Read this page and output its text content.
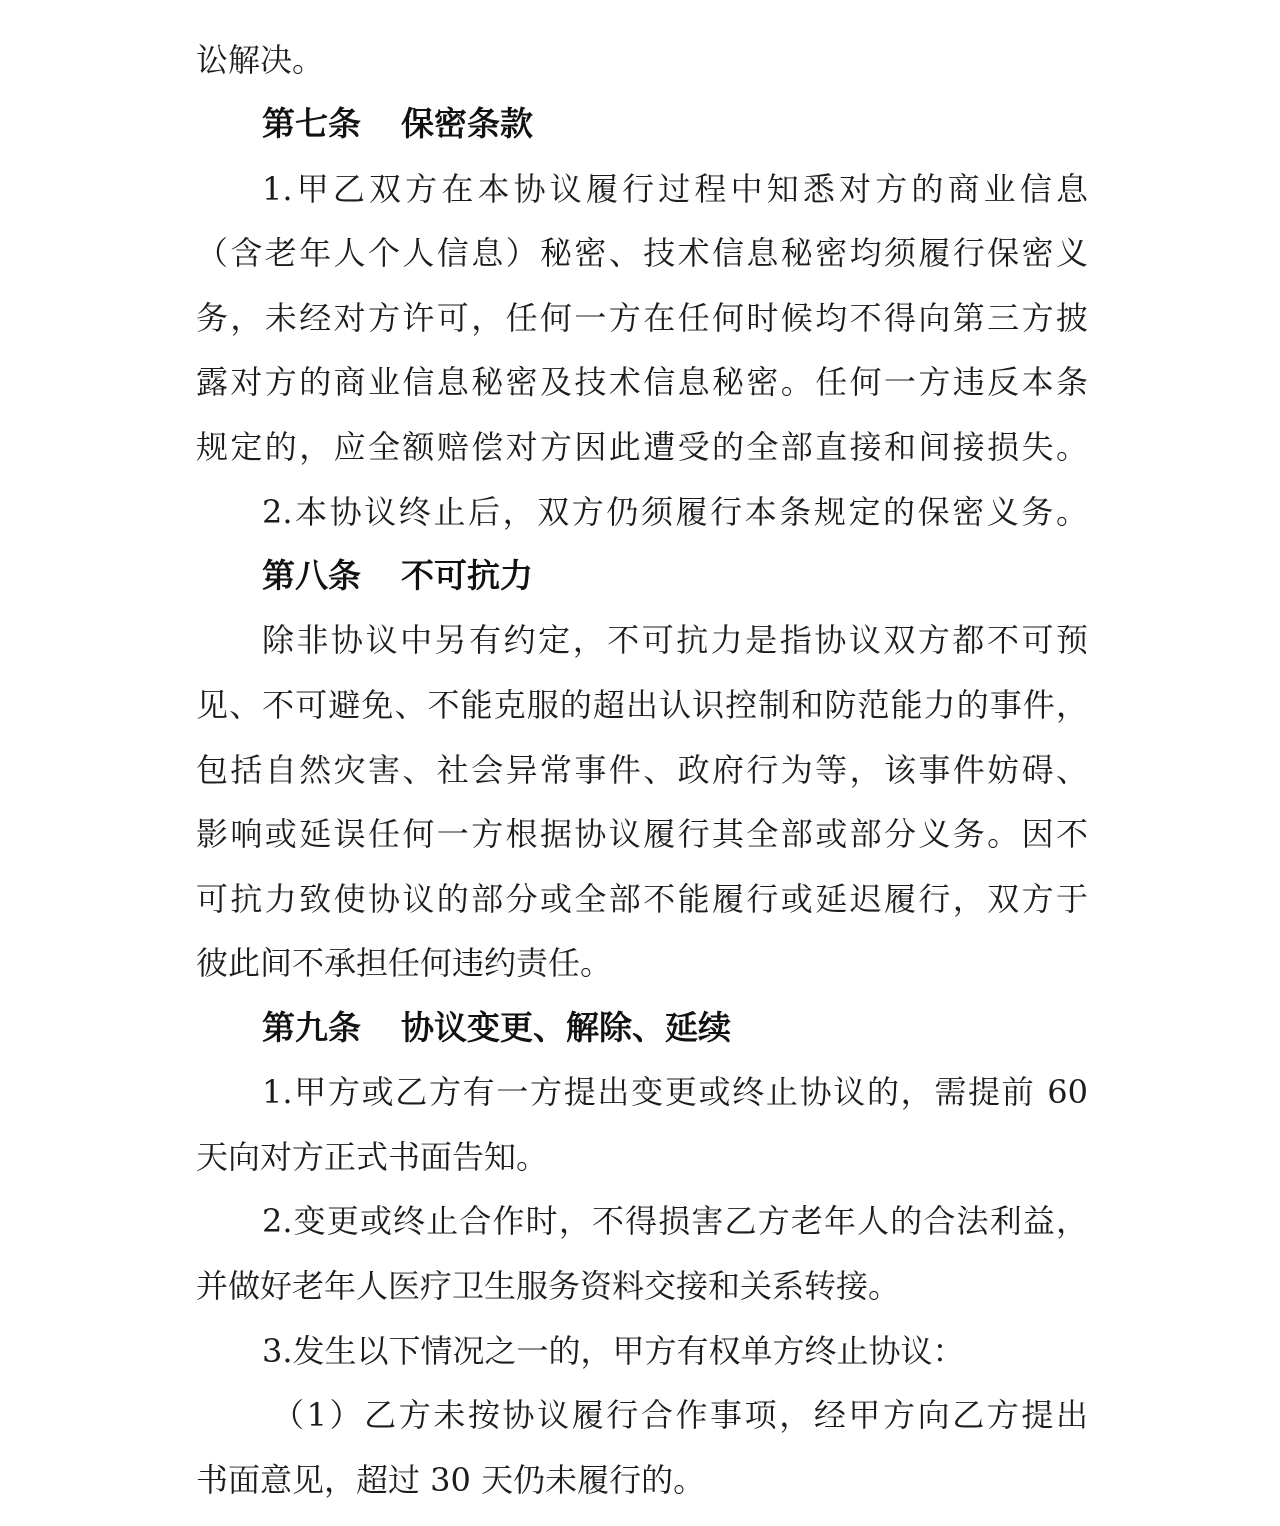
讼解决。
第七条 保密条款
1.甲乙双方在本协议履行过程中知悉对方的商业信息
（含老年人个人信息）秘密、技术信息秘密均须履行保密义
务，未经对方许可，任何一方在任何时候均不得向第三方披
露对方的商业信息秘密及技术信息秘密。任何一方违反本条
规定的，应全额赔偿对方因此遭受的全部直接和间接损失。
2.本协议终止后，双方仍须履行本条规定的保密义务。
第八条 不可抗力
除非协议中另有约定，不可抗力是指协议双方都不可预
见、不可避免、不能克服的超出认识控制和防范能力的事件，
包括自然灾害、社会异常事件、政府行为等，该事件妨碍、
影响或延误任何一方根据协议履行其全部或部分义务。因不
可抗力致使协议的部分或全部不能履行或延迟履行，双方于
彼此间不承担任何违约责任。
第九条 协议变更、解除、延续
1.甲方或乙方有一方提出变更或终止协议的，需提前 60
天向对方正式书面告知。
2.变更或终止合作时，不得损害乙方老年人的合法利益，
并做好老年人医疗卫生服务资料交接和关系转接。
3.发生以下情况之一的，甲方有权单方终止协议：
（1）乙方未按协议履行合作事项，经甲方向乙方提出
书面意见，超过 30 天仍未履行的。
